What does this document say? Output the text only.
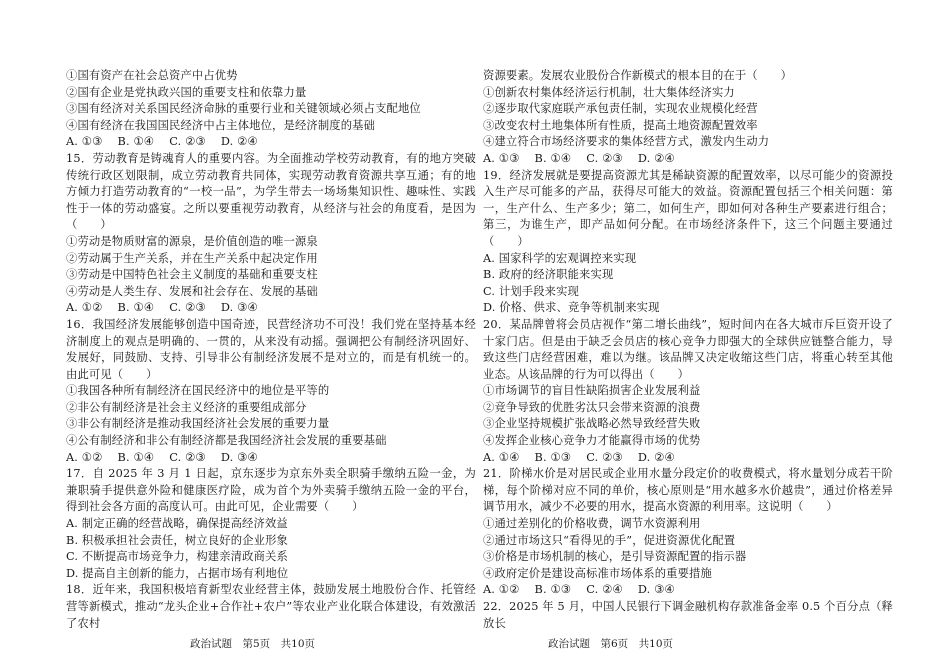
①国有资产在社会总资产中占优势
②国有企业是党执政兴国的重要支柱和依靠力量
③国有经济对关系国民经济命脉的重要行业和关键领域必须占支配地位
④国有经济在我国国民经济中占主体地位，是经济制度的基础
A. ①③　 B. ①④　 C. ②③　 D. ②④
15．劳动教育是铸魂育人的重要内容。为全面推动学校劳动教育，有的地方突破传统行政区划限制，成立劳动教育共同体，实现劳动教育资源共享互通；有的地方倾力打造劳动教育的“一校一品”，为学生带去一场场集知识性、趣味性、实践性于一体的劳动盛宴。之所以要重视劳动教育，从经济与社会的角度看，是因为（　　）
①劳动是物质财富的源泉，是价值创造的唯一源泉
②劳动属于生产关系，并在生产关系中起决定作用
③劳动是中国特色社会主义制度的基础和重要支柱
④劳动是人类生存、发展和社会存在、发展的基础
A. ①②　 B. ①④　 C. ②③　 D. ③④
16．我国经济发展能够创造中国奇迹，民营经济功不可没！我们党在坚持基本经济制度上的观点是明确的、一贯的，从来没有动摇。强调把公有制经济巩固好、发展好，同鼓励、支持、引导非公有制经济发展不是对立的，而是有机统一的。由此可见（　　）
①我国各种所有制经济在国民经济中的地位是平等的
②非公有制经济是社会主义经济的重要组成部分
③非公有制经济是推动我国经济社会发展的重要力量
④公有制经济和非公有制经济都是我国经济社会发展的重要基础
A. ①②　 B. ①④　 C. ②③　 D. ③④
17．自 2025 年 3 月 1 日起，京东逐步为京东外卖全职骑手缴纳五险一金，为兼职骑手提供意外险和健康医疗险，成为首个为外卖骑手缴纳五险一金的平台，得到社会各方面的高度认可。由此可见，企业需要（　　）
A. 制定正确的经营战略，确保提高经济效益
B. 积极承担社会责任，树立良好的企业形象
C. 不断提高市场竞争力，构建亲清政商关系
D. 提高自主创新的能力，占据市场有利地位
18．近年来，我国积极培育新型农业经营主体，鼓励发展土地股份合作、托管经营等新模式，推动“龙头企业+合作社+农户”等农业产业化联合体建设，有效激活了农村
资源要素。发展农业股份合作新模式的根本目的在于（　　）
①创新农村集体经济运行机制，壮大集体经济实力
②逐步取代家庭联产承包责任制，实现农业规模化经营
③改变农村土地集体所有性质，提高土地资源配置效率
④建立符合市场经济要求的集体经营方式，激发内生动力
A. ①③　 B. ①④　 C. ②③　 D. ②④
19．经济发展就是要提高资源尤其是稀缺资源的配置效率，以尽可能少的资源投入生产尽可能多的产品，获得尽可能大的效益。资源配置包括三个相关问题：第一，生产什么、生产多少；第二，如何生产，即如何对各种生产要素进行组合；第三，为谁生产，即产品如何分配。在市场经济条件下，这三个问题主要通过（　　）
A. 国家科学的宏观调控来实现
B. 政府的经济职能来实现
C. 计划手段来实现
D. 价格、供求、竞争等机制来实现
20．某品牌曾将会员店视作“第二增长曲线”，短时间内在各大城市斥巨资开设了十家门店。但是由于缺乏会员店的核心竞争力即强大的全球供应链整合能力，导致这些门店经营困难，难以为继。该品牌又决定收缩这些门店，将重心转至其他业态。从该品牌的行为可以得出（　　）
①市场调节的盲目性缺陷损害企业发展利益
②竞争导致的优胜劣汰只会带来资源的浪费
③企业坚持规模扩张战略必然导致经营失败
④发挥企业核心竞争力才能赢得市场的优势
A. ①④　 B. ①③　 C. ②③　 D. ②④
21．阶梯水价是对居民或企业用水量分段定价的收费模式，将水量划分成若干阶梯，每个阶梯对应不同的单价，核心原则是“用水越多水价越贵”，通过价格差异调节用水，减少不必要的用水，提高水资源的利用率。这说明（　　）
①通过差别化的价格收费，调节水资源利用
②通过市场这只“看得见的手”，促进资源优化配置
③价格是市场机制的核心，是引导资源配置的指示器
④政府定价是建设高标准市场体系的重要措施
A. ①②　 B. ①③　 C. ②④　 D. ③④
22．2025 年 5 月，中国人民银行下调金融机构存款准备金率 0.5 个百分点（释放长
政治试题　第5页　共10页	政治试题　第6页　共10页
